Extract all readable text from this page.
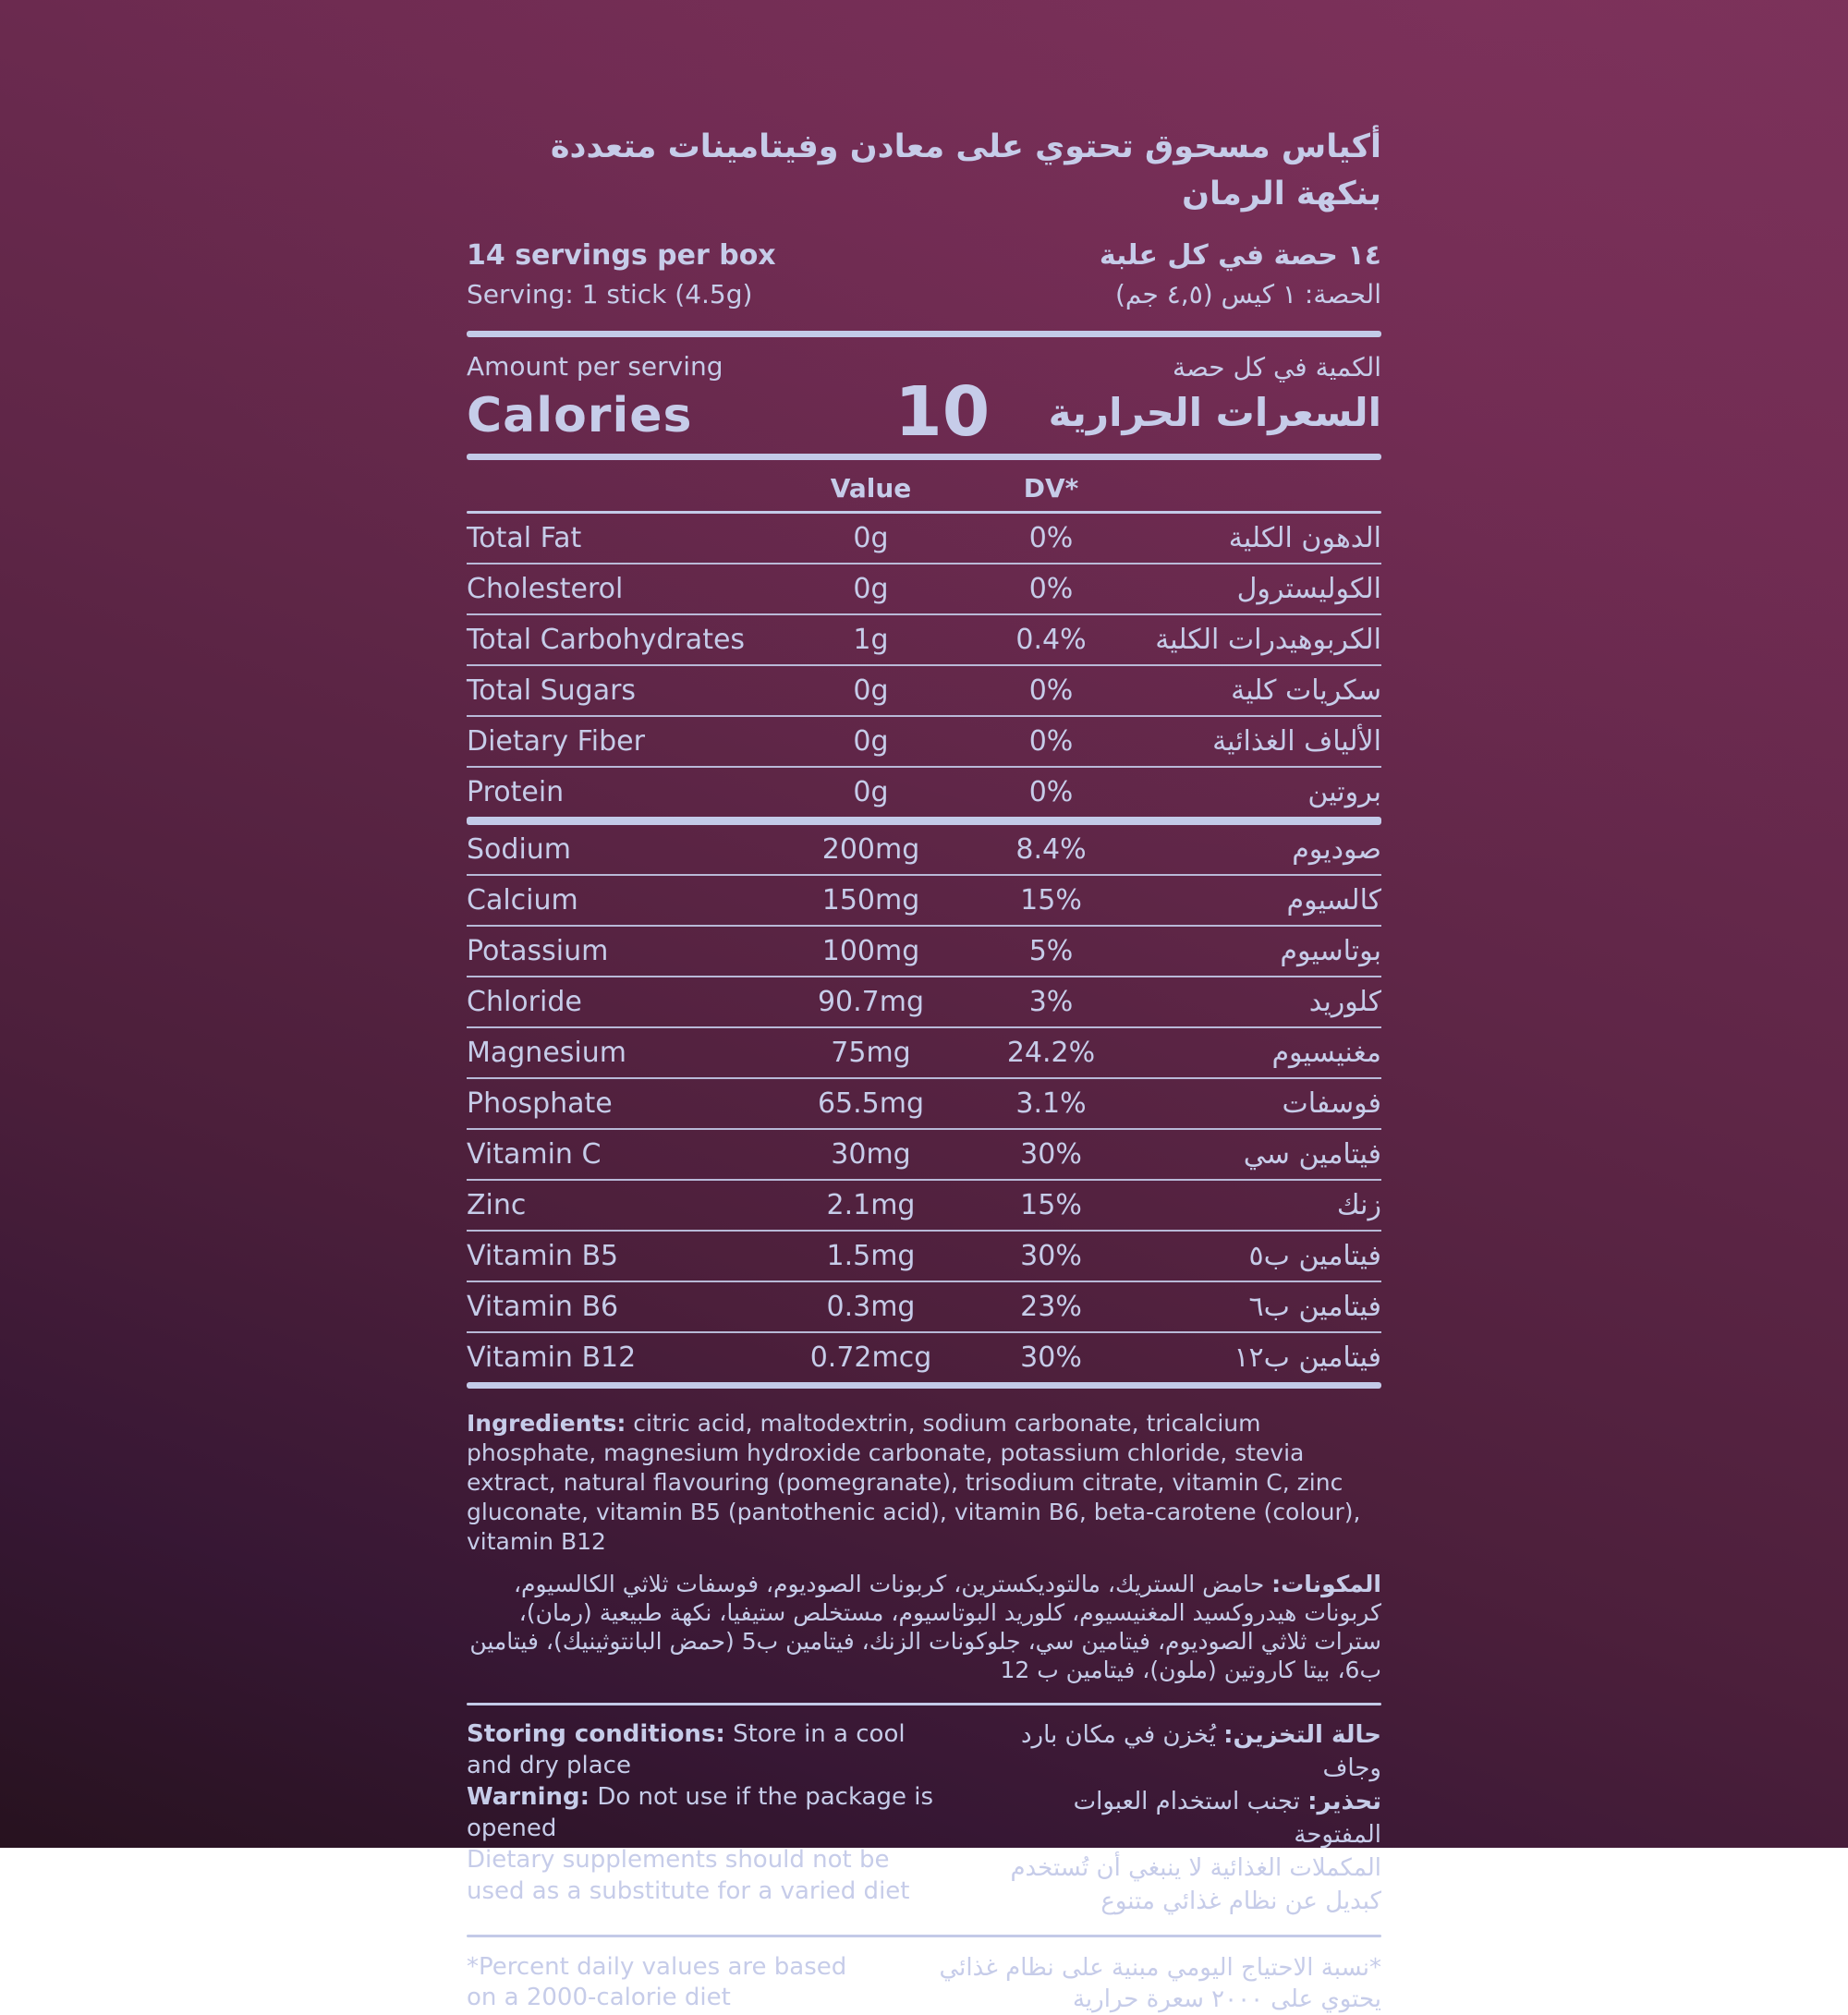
أكياس مسحوق تحتوي على معادن وفيتامينات متعددة بنكهة الرمان
14 servings per box
Serving: 1 stick (4.5g)
١٤ حصة في كل علبة
الحصة: ١ كيس (٤,٥ جم)
Amount per serving
Calories	10
الكمية في كل حصة
السعرات الحرارية
Value	DV*
Total Fat	0g	0%	الدهون الكلية
Cholesterol	0g	0%	الكوليسترول
Total Carbohydrates	1g	0.4%	الكربوهيدرات الكلية
Total Sugars	0g	0%	سكريات كلية
Dietary Fiber	0g	0%	الألياف الغذائية
Protein	0g	0%	بروتين
Sodium	200mg	8.4%	صوديوم
Calcium	150mg	15%	كالسيوم
Potassium	100mg	5%	بوتاسيوم
Chloride	90.7mg	3%	كلوريد
Magnesium	75mg	24.2%	مغنيسيوم
Phosphate	65.5mg	3.1%	فوسفات
Vitamin C	30mg	30%	فيتامين سي
Zinc	2.1mg	15%	زنك
Vitamin B5	1.5mg	30%	فيتامين ب٥
Vitamin B6	0.3mg	23%	فيتامين ب٦
Vitamin B12	0.72mcg	30%	فيتامين ب١٢
Ingredients: citric acid, maltodextrin, sodium carbonate, tricalcium phosphate, magnesium hydroxide carbonate, potassium chloride, stevia extract, natural flavouring (pomegranate), trisodium citrate, vitamin C, zinc gluconate, vitamin B5 (pantothenic acid), vitamin B6, beta-carotene (colour), vitamin B12
المكونات: حامض الستريك، مالتوديكسترين، كربونات الصوديوم، فوسفات ثلاثي الكالسيوم، كربونات هيدروكسيد المغنيسيوم، كلوريد البوتاسيوم، مستخلص ستيفيا، نكهة طبيعية (رمان)، سترات ثلاثي الصوديوم، فيتامين سي، جلوكونات الزنك، فيتامين ب5 (حمض البانتوثينيك)، فيتامين ب6، بيتا كاروتين (ملون)، فيتامين ب 12
Storing conditions: Store in a cool and dry place
Warning: Do not use if the package is opened
Dietary supplements should not be used as a substitute for a varied diet
حالة التخزين: يُخزن في مكان بارد وجاف
تحذير: تجنب استخدام العبوات المفتوحة
المكملات الغذائية لا ينبغي أن تُستخدم كبديل عن نظام غذائي متنوع
*Percent daily values are based on a 2000-calorie diet
*نسبة الاحتياج اليومي مبنية على نظام غذائي يحتوي على ٢٠٠٠ سعرة حرارية
